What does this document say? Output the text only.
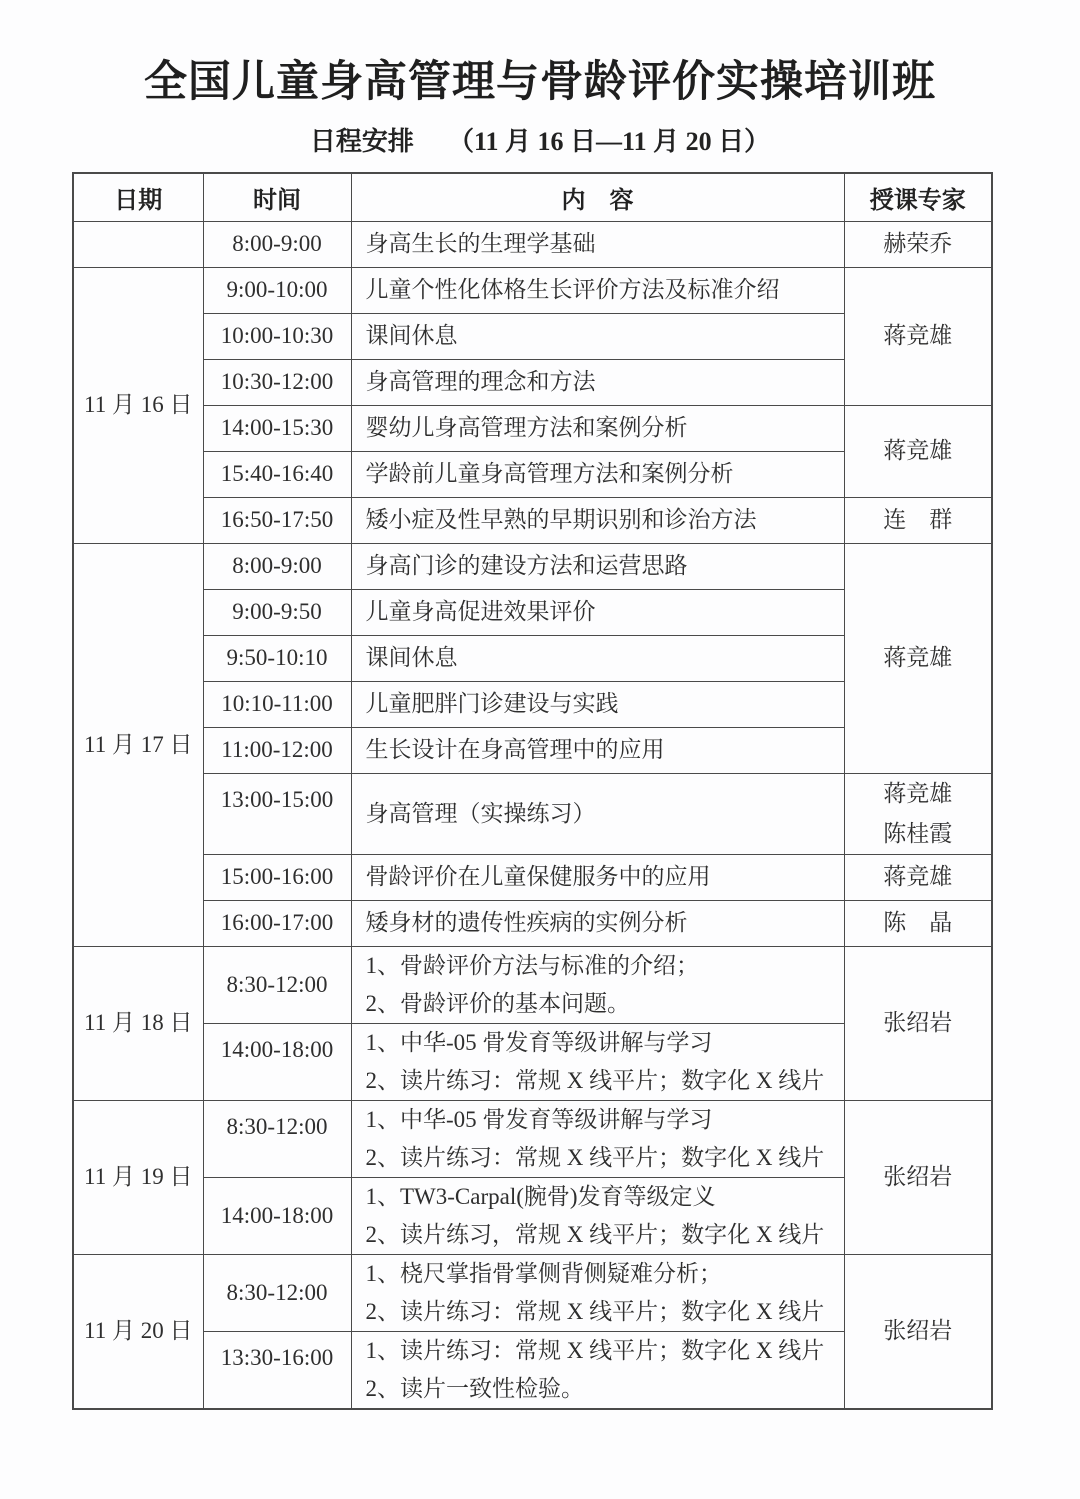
全国儿童身高管理与骨龄评价实操培训班
日程安排 （11 月 16 日—11 月 20 日）
日期	时间	内　容	授课专家

	8:00-9:00	身高生长的生理学基础	赫荣乔

11 月 16 日	9:00-10:00	儿童个性化体格生长评价方法及标准介绍	蒋竞雄

	10:00-10:30	课间休息	

	10:30-12:00	身高管理的理念和方法	

	14:00-15:30	婴幼儿身高管理方法和案例分析	蒋竞雄

	15:40-16:40	学龄前儿童身高管理方法和案例分析	

	16:50-17:50	矮小症及性早熟的早期识别和诊治方法	连　群

11 月 17 日	8:00-9:00	身高门诊的建设方法和运营思路	蒋竞雄

	9:00-9:50	儿童身高促进效果评价	

	9:50-10:10	课间休息	

	10:10-11:00	儿童肥胖门诊建设与实践	

	11:00-12:00	生长设计在身高管理中的应用	

	13:00-15:00	身高管理（实操练习）	蒋竞雄
陈桂霞

	15:00-16:00	骨龄评价在儿童保健服务中的应用	蒋竞雄

	16:00-17:00	矮身材的遗传性疾病的实例分析	陈　晶

11 月 18 日	8:30-12:00	1、骨龄评价方法与标准的介绍；
2、骨龄评价的基本问题。	张绍岩

	14:00-18:00	1、中华-05 骨发育等级讲解与学习
2、读片练习：常规 X 线平片；数字化 X 线片	

11 月 19 日	8:30-12:00	1、中华-05 骨发育等级讲解与学习
2、读片练习：常规 X 线平片；数字化 X 线片	张绍岩

	14:00-18:00	1、TW3-Carpal(腕骨)发育等级定义
2、读片练习，常规 X 线平片；数字化 X 线片	

11 月 20 日	8:30-12:00	1、桡尺掌指骨掌侧背侧疑难分析；
2、读片练习：常规 X 线平片；数字化 X 线片	张绍岩

	13:30-16:00	1、读片练习：常规 X 线平片；数字化 X 线片
2、读片一致性检验。	
